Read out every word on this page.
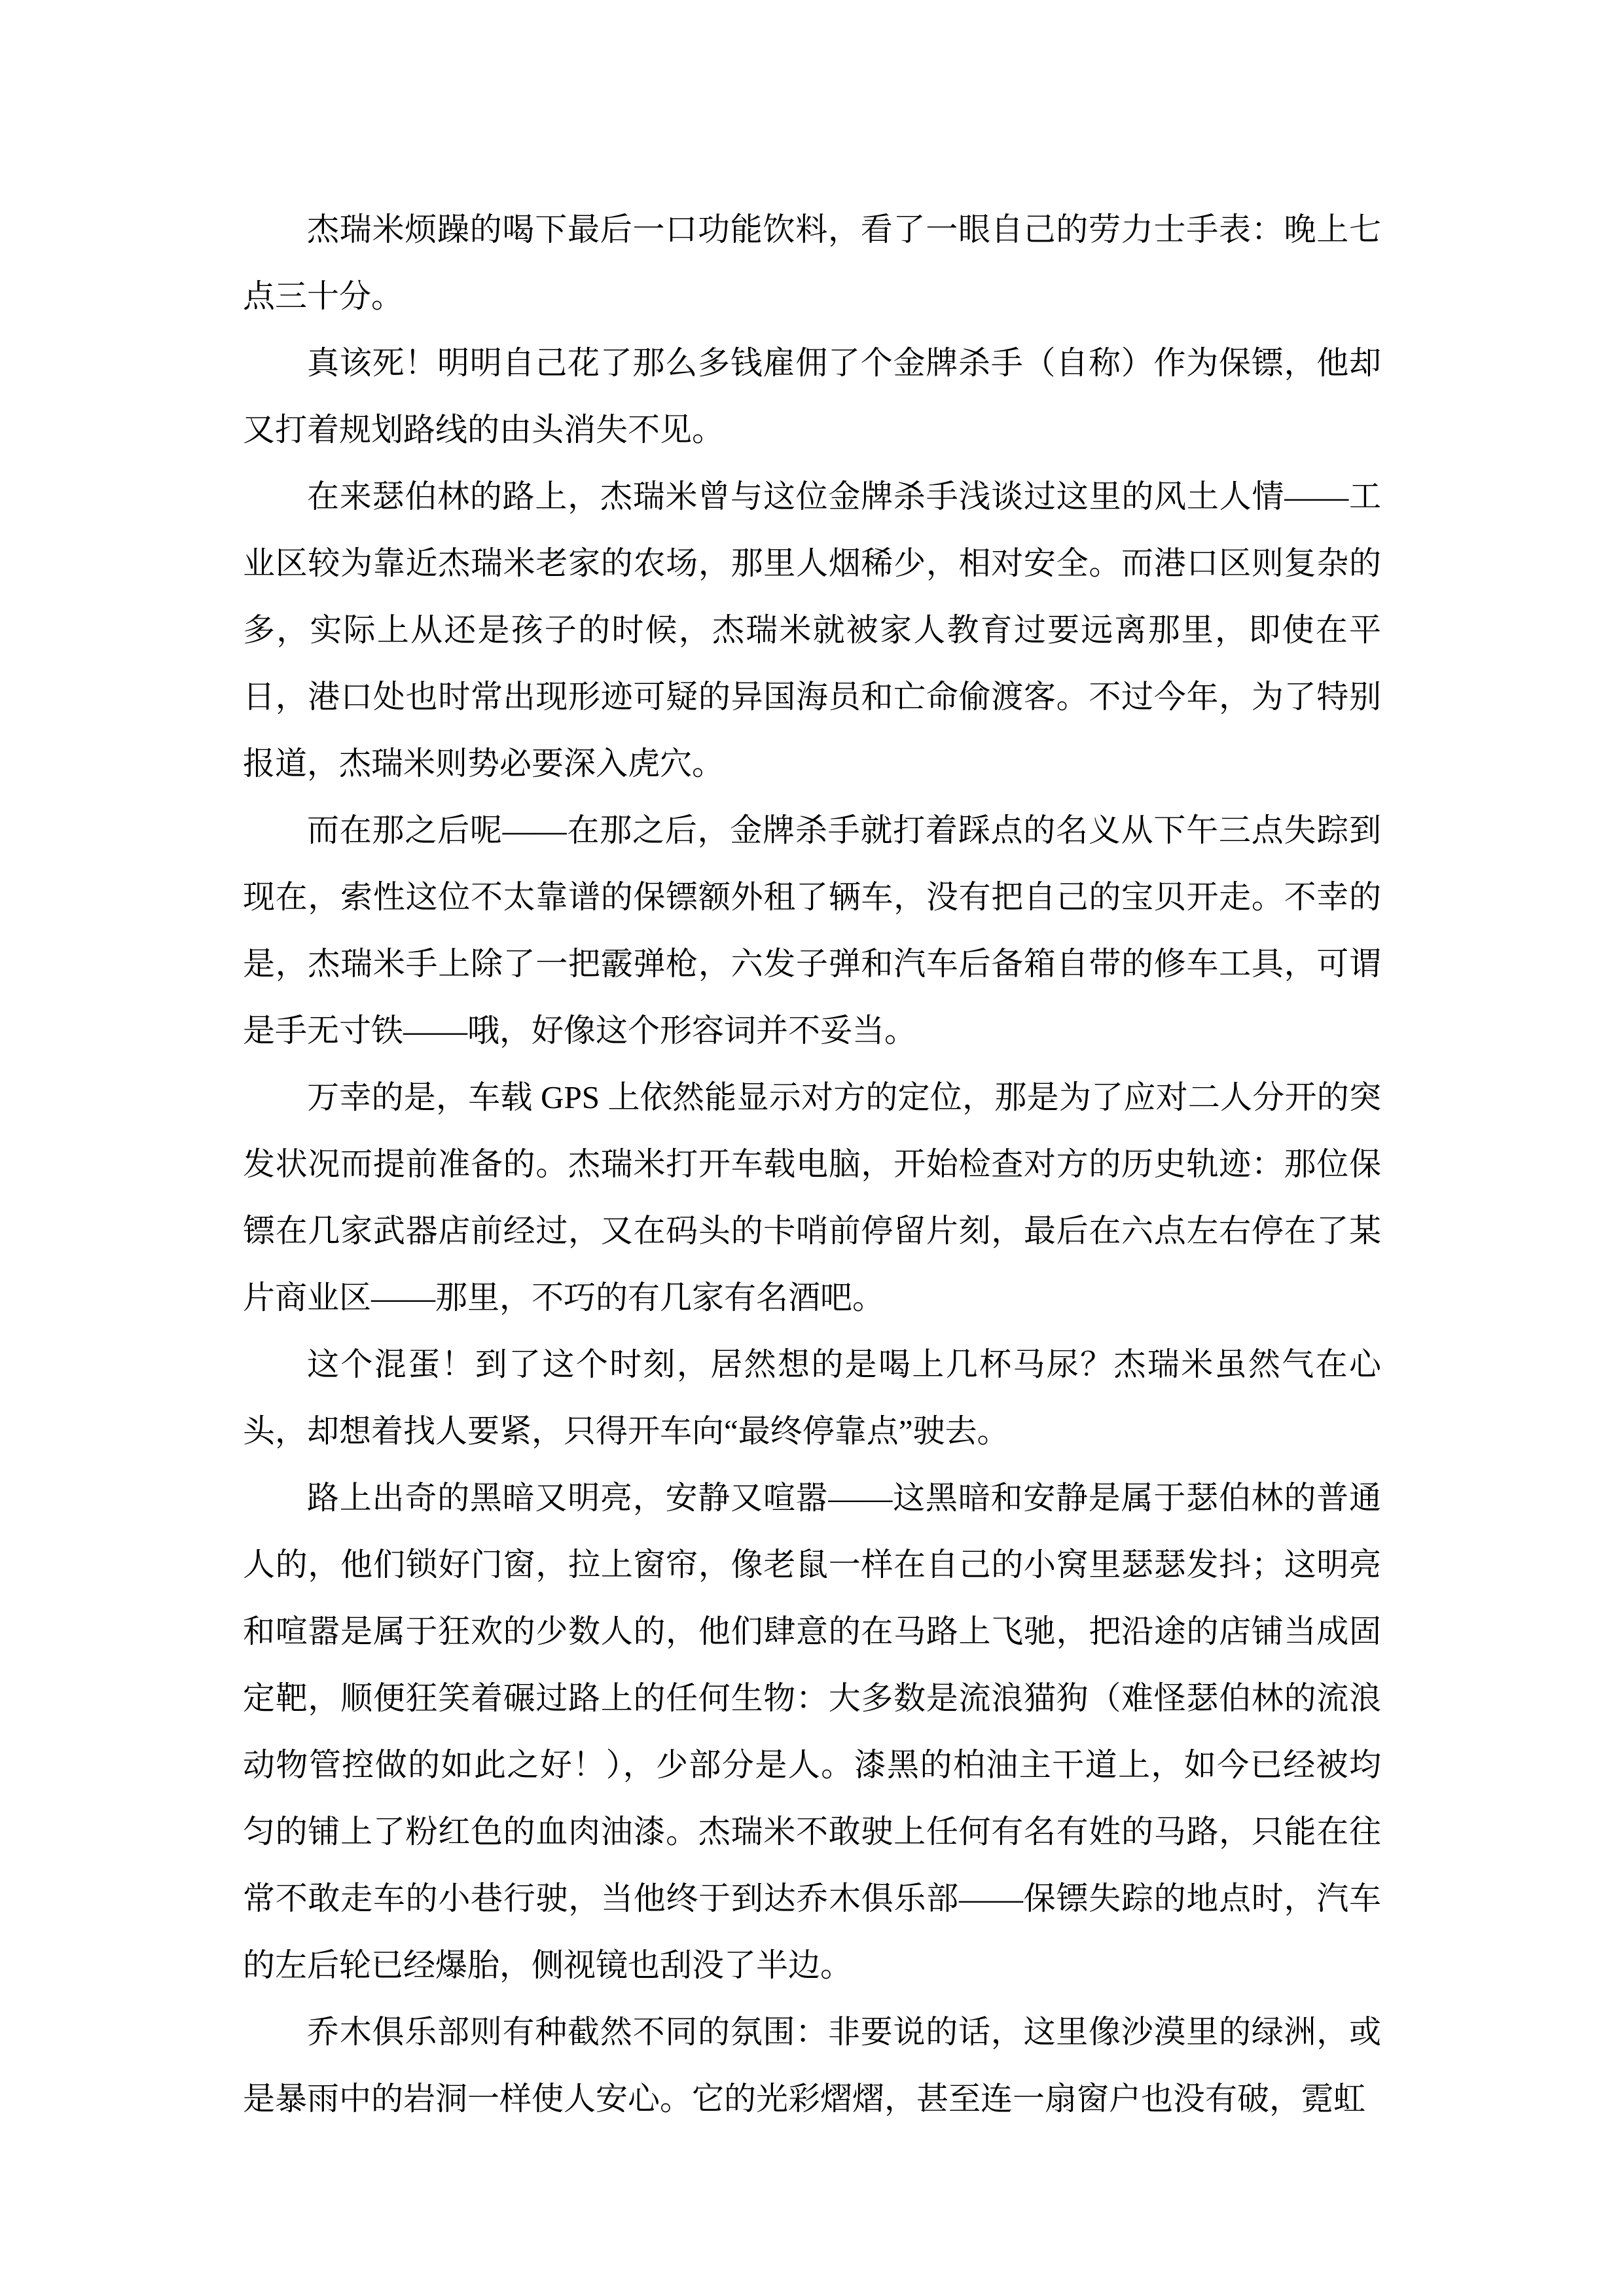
杰瑞米烦躁的喝下最后一口功能饮料，看了一眼自己的劳力士手表：晚上七点三十分。

真该死！明明自己花了那么多钱雇佣了个金牌杀手（自称）作为保镖，他却又打着规划路线的由头消失不见。

在来瑟伯林的路上，杰瑞米曾与这位金牌杀手浅谈过这里的风土人情——工业区较为靠近杰瑞米老家的农场，那里人烟稀少，相对安全。而港口区则复杂的多，实际上从还是孩子的时候，杰瑞米就被家人教育过要远离那里，即使在平日，港口处也时常出现形迹可疑的异国海员和亡命偷渡客。不过今年，为了特别报道，杰瑞米则势必要深入虎穴。

而在那之后呢——在那之后，金牌杀手就打着踩点的名义从下午三点失踪到现在，索性这位不太靠谱的保镖额外租了辆车，没有把自己的宝贝开走。不幸的是，杰瑞米手上除了一把霰弹枪，六发子弹和汽车后备箱自带的修车工具，可谓是手无寸铁——哦，好像这个形容词并不妥当。

万幸的是，车载 GPS 上依然能显示对方的定位，那是为了应对二人分开的突发状况而提前准备的。杰瑞米打开车载电脑，开始检查对方的历史轨迹：那位保镖在几家武器店前经过，又在码头的卡哨前停留片刻，最后在六点左右停在了某片商业区——那里，不巧的有几家有名酒吧。

这个混蛋！到了这个时刻，居然想的是喝上几杯马尿？杰瑞米虽然气在心头，却想着找人要紧，只得开车向“最终停靠点”驶去。

路上出奇的黑暗又明亮，安静又喧嚣——这黑暗和安静是属于瑟伯林的普通人的，他们锁好门窗，拉上窗帘，像老鼠一样在自己的小窝里瑟瑟发抖；这明亮和喧嚣是属于狂欢的少数人的，他们肆意的在马路上飞驰，把沿途的店铺当成固定靶，顺便狂笑着碾过路上的任何生物：大多数是流浪猫狗（难怪瑟伯林的流浪动物管控做的如此之好！），少部分是人。漆黑的柏油主干道上，如今已经被均匀的铺上了粉红色的血肉油漆。杰瑞米不敢驶上任何有名有姓的马路，只能在往常不敢走车的小巷行驶，当他终于到达乔木俱乐部——保镖失踪的地点时，汽车的左后轮已经爆胎，侧视镜也刮没了半边。

乔木俱乐部则有种截然不同的氛围：非要说的话，这里像沙漠里的绿洲，或是暴雨中的岩洞一样使人安心。它的光彩熠熠，甚至连一扇窗户也没有破，霓虹
